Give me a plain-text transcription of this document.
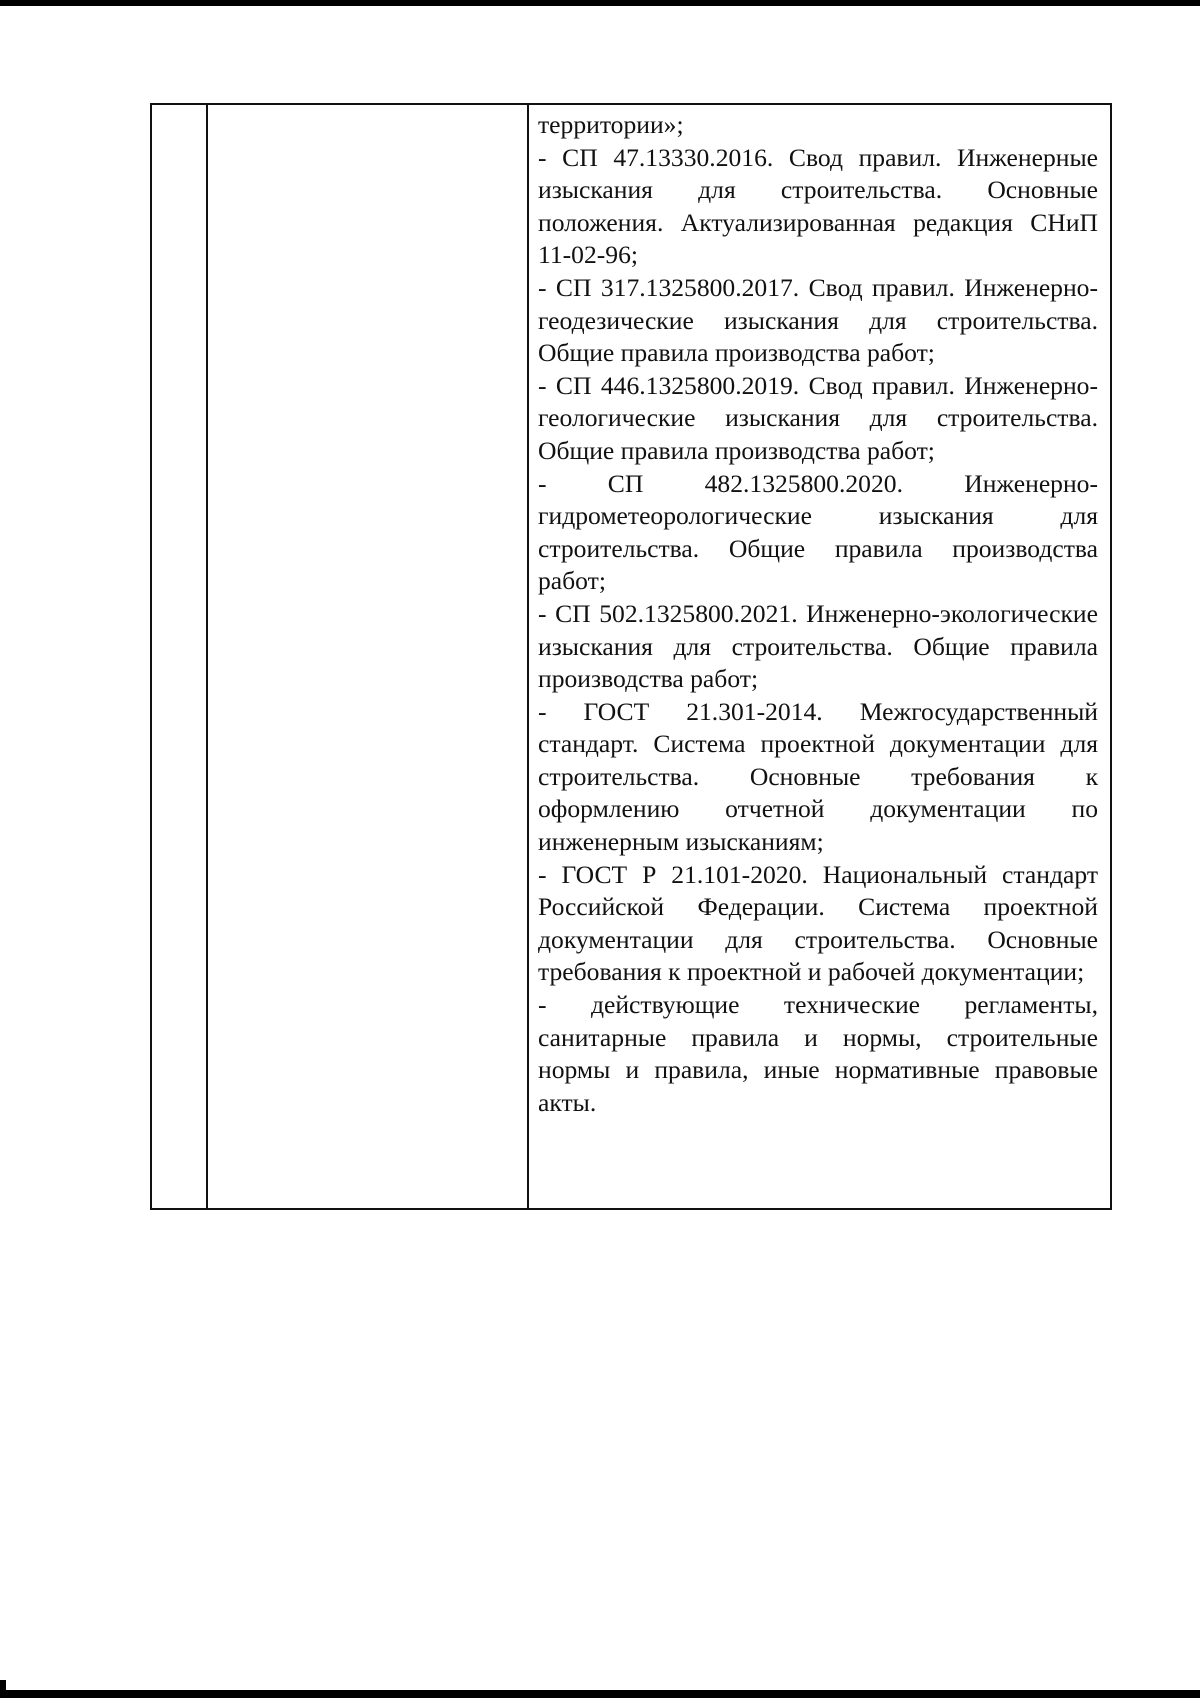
территории»;

- СП 47.13330.2016. Свод правил. Инженерные изыскания для строительства. Основные положения. Актуализированная редакция СНиП 11-02-96;

- СП 317.1325800.2017. Свод правил. Инженерно-геодезические изыскания для строительства. Общие правила производства работ;

- СП 446.1325800.2019. Свод правил. Инженерно-геологические изыскания для строительства. Общие правила производства работ;

- СП 482.1325800.2020. Инженерно-гидрометеорологические изыскания для строительства. Общие правила производства работ;

- СП 502.1325800.2021. Инженерно-экологические изыскания для строительства. Общие правила производства работ;

- ГОСТ 21.301-2014. Межгосударственный стандарт. Система проектной документации для строительства. Основные требования к оформлению отчетной документации по инженерным изысканиям;

- ГОСТ Р 21.101-2020. Национальный стандарт Российской Федерации. Система проектной документации для строительства. Основные требования к проектной и рабочей документации;

- действующие технические регламенты, санитарные правила и нормы, строительные нормы и правила, иные нормативные правовые акты.
